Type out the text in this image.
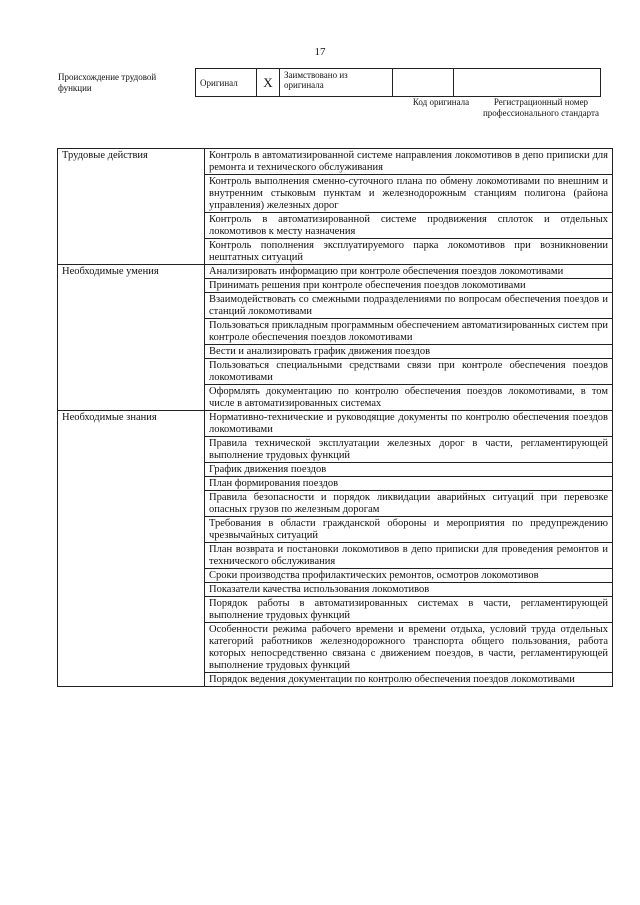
17
Происхождение трудовой функции
Оригинал	X	Заимствовано из оригинала		
Код оригинала	Регистрационный номер профессионального стандарта
Трудовые действия	Контроль в автоматизированной системе направления локомотивов в депо приписки для ремонта и технического обслуживания
	Контроль выполнения сменно-суточного плана по обмену локомотивами по внешним и внутренним стыковым пунктам и железнодорожным станциям полигона (района управления) железных дорог
	Контроль в автоматизированной системе продвижения сплоток и отдельных локомотивов к месту назначения
	Контроль пополнения эксплуатируемого парка локомотивов при возникновении нештатных ситуаций
Необходимые умения	Анализировать информацию при контроле обеспечения поездов локомотивами
	Принимать решения при контроле обеспечения поездов локомотивами
	Взаимодействовать со смежными подразделениями по вопросам обеспечения поездов и станций локомотивами
	Пользоваться прикладным программным обеспечением автоматизированных систем при контроле обеспечения поездов локомотивами
	Вести и анализировать график движения поездов
	Пользоваться специальными средствами связи при контроле обеспечения поездов локомотивами
	Оформлять документацию по контролю обеспечения поездов локомотивами, в том числе в автоматизированных системах
Необходимые знания	Нормативно-технические и руководящие документы по контролю обеспечения поездов локомотивами
	Правила технической эксплуатации железных дорог в части, регламентирующей выполнение трудовых функций
	График движения поездов
	План формирования поездов
	Правила безопасности и порядок ликвидации аварийных ситуаций при перевозке опасных грузов по железным дорогам
	Требования в области гражданской обороны и мероприятия по предупреждению чрезвычайных ситуаций
	План возврата и постановки локомотивов в депо приписки для проведения ремонтов и технического обслуживания
	Сроки производства профилактических ремонтов, осмотров локомотивов
	Показатели качества использования локомотивов
	Порядок работы в автоматизированных системах в части, регламентирующей выполнение трудовых функций
	Особенности режима рабочего времени и времени отдыха, условий труда отдельных категорий работников железнодорожного транспорта общего пользования, работа которых непосредственно связана с движением поездов, в части, регламентирующей выполнение трудовых функций
	Порядок ведения документации по контролю обеспечения поездов локомотивами
